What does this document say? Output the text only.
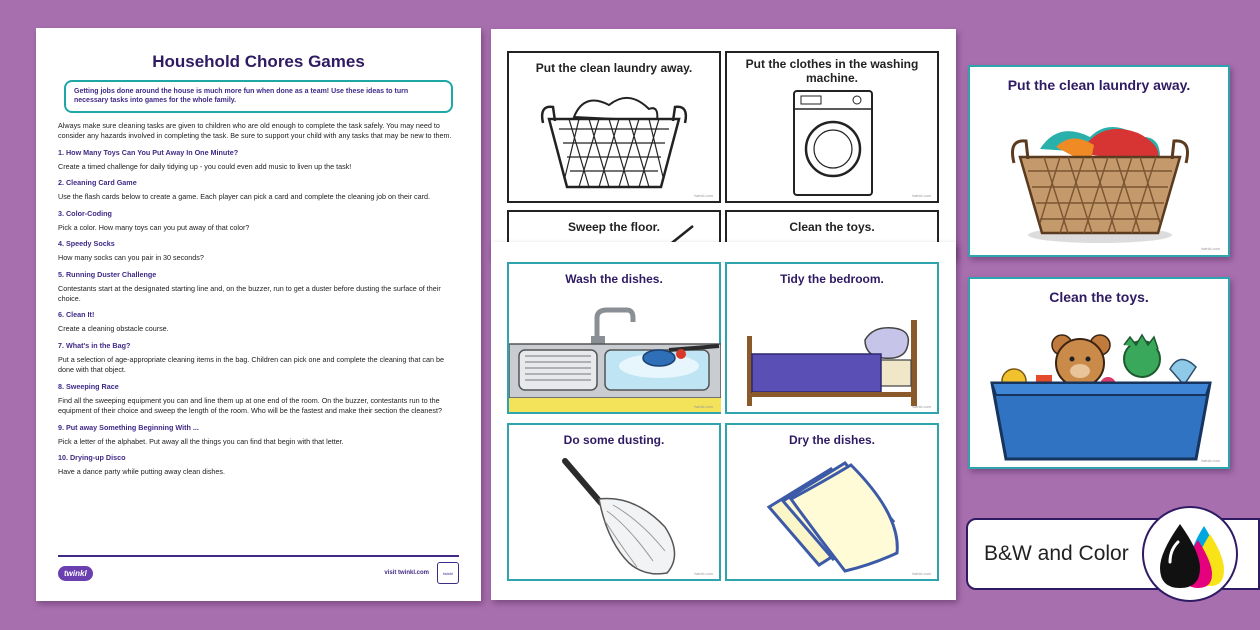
Household Chores Games
Getting jobs done around the house is much more fun when done as a team! Use these ideas to turn necessary tasks into games for the whole family.
Always make sure cleaning tasks are given to children who are old enough to complete the task safely. You may need to consider any hazards involved in completing the task. Be sure to support your child with any tasks that may be new to them.
1. How Many Toys Can You Put Away In One Minute?
Create a timed challenge for daily tidying up - you could even add music to liven up the task!
2. Cleaning Card Game
Use the flash cards below to create a game. Each player can pick a card and complete the cleaning job on their card.
3. Color-Coding
Pick a color. How many toys can you put away of that color?
4. Speedy Socks
How many socks can you pair in 30 seconds?
5. Running Duster Challenge
Contestants start at the designated starting line and, on the buzzer, run to get a duster before dusting the surface of their choice.
6. Clean It!
Create a cleaning obstacle course.
7. What's in the Bag?
Put a selection of age-appropriate cleaning items in the bag. Children can pick one and complete the cleaning that can be done with that object.
8. Sweeping Race
Find all the sweeping equipment you can and line them up at one end of the room. On the buzzer, contestants run to the equipment of their choice and sweep the length of the room. Who will be the fastest and make their section the cleanest?
9. Put away Something Beginning With ...
Pick a letter of the alphabet. Put away all the things you can find that begin with that letter.
10. Drying-up Disco
Have a dance party while putting away clean dishes.
twinkl	visit twinkl.com	twinkl
Put the clean laundry away.
twinkl.com
Put the clothes in the washing machine.
twinkl.com
Sweep the floor.	Clean the toys.
Wash the dishes.
twinkl.com
Tidy the bedroom.
twinkl.com
Do some dusting.
twinkl.com
Dry the dishes.
twinkl.com
Put the clean laundry away.
twinkl.com
Clean the toys.
twinkl.com
B&W and Color
